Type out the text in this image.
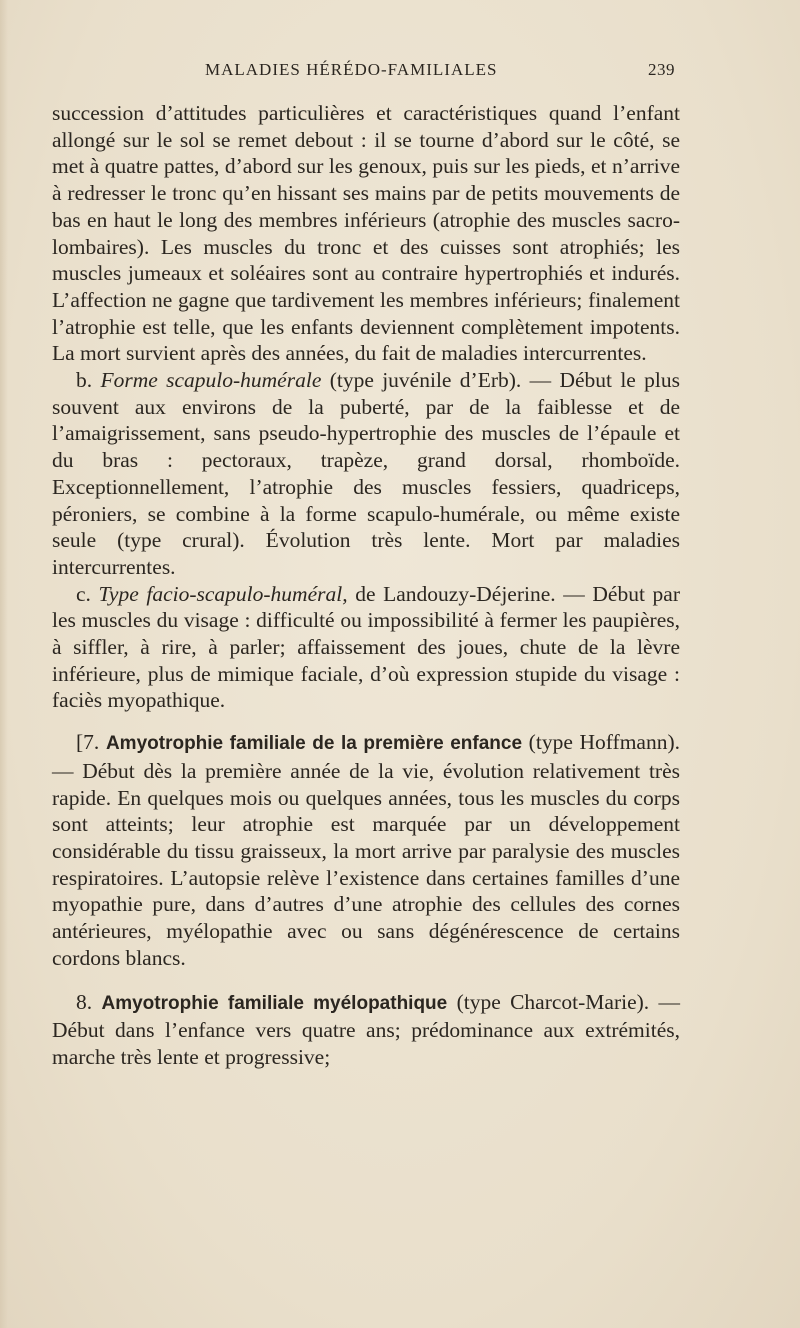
MALADIES HÉRÉDO-FAMILIALES	239

succession d’attitudes particulières et caractéristiques quand l’enfant allongé sur le sol se remet debout : il se tourne d’abord sur le côté, se met à quatre pattes, d’abord sur les genoux, puis sur les pieds, et n’arrive à redresser le tronc qu’en hissant ses mains par de petits mouvements de bas en haut le long des membres inférieurs (atrophie des muscles sacro-lombaires). Les muscles du tronc et des cuisses sont atrophiés; les muscles jumeaux et soléaires sont au contraire hypertrophiés et indurés. L’affection ne gagne que tardivement les membres inférieurs; finalement l’atrophie est telle, que les enfants deviennent complètement impotents. La mort survient après des années, du fait de maladies intercurrentes.

b. Forme scapulo-humérale (type juvénile d’Erb). — Début le plus souvent aux environs de la puberté, par de la faiblesse et de l’amaigrissement, sans pseudo-hypertrophie des muscles de l’épaule et du bras : pectoraux, trapèze, grand dorsal, rhomboïde. Exceptionnellement, l’atrophie des muscles fessiers, quadriceps, péroniers, se combine à la forme scapulo-humérale, ou même existe seule (type crural). Évolution très lente. Mort par maladies intercurrentes.

c. Type facio-scapulo-huméral, de Landouzy-Déjerine. — Début par les muscles du visage : difficulté ou impossibilité à fermer les paupières, à siffler, à rire, à parler; affaissement des joues, chute de la lèvre inférieure, plus de mimique faciale, d’où expression stupide du visage : faciès myopathique.

[7. Amyotrophie familiale de la première enfance (type Hoffmann). — Début dès la première année de la vie, évolution relativement très rapide. En quelques mois ou quelques années, tous les muscles du corps sont atteints; leur atrophie est marquée par un développement considérable du tissu graisseux, la mort arrive par paralysie des muscles respiratoires. L’autopsie relève l’existence dans certaines familles d’une myopathie pure, dans d’autres d’une atrophie des cellules des cornes antérieures, myélopathie avec ou sans dégénérescence de certains cordons blancs.

8. Amyotrophie familiale myélopathique (type Charcot-Marie). — Début dans l’enfance vers quatre ans; prédominance aux extrémités, marche très lente et progressive;
